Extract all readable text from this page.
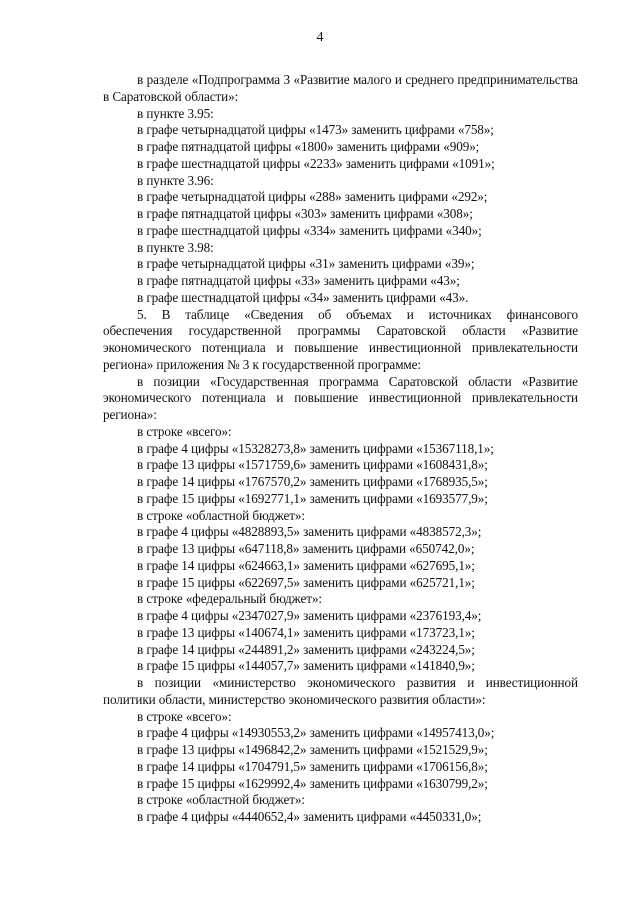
4
в разделе «Подпрограмма 3 «Развитие малого и среднего предпринимательства
в Саратовской области»:
в пункте 3.95:
в графе четырнадцатой цифры «1473» заменить цифрами «758»;
в графе пятнадцатой цифры «1800» заменить цифрами «909»;
в графе шестнадцатой цифры «2233» заменить цифрами «1091»;
в пункте 3.96:
в графе четырнадцатой цифры «288» заменить цифрами «292»;
в графе пятнадцатой цифры «303» заменить цифрами «308»;
в графе шестнадцатой цифры «334» заменить цифрами «340»;
в пункте 3.98:
в графе четырнадцатой цифры «31» заменить цифрами «39»;
в графе пятнадцатой цифры «33» заменить цифрами «43»;
в графе шестнадцатой цифры «34» заменить цифрами «43».
5. В таблице «Сведения об объемах и источниках финансового
обеспечения государственной программы Саратовской области «Развитие
экономического потенциала и повышение инвестиционной привлекательности
региона» приложения № 3 к государственной программе:
в позиции «Государственная программа Саратовской области «Развитие
экономического потенциала и повышение инвестиционной привлекательности
региона»:
в строке «всего»:
в графе 4 цифры «15328273,8» заменить цифрами «15367118,1»;
в графе 13 цифры «1571759,6» заменить цифрами «1608431,8»;
в графе 14 цифры «1767570,2» заменить цифрами «1768935,5»;
в графе 15 цифры «1692771,1» заменить цифрами «1693577,9»;
в строке «областной бюджет»:
в графе 4 цифры «4828893,5» заменить цифрами «4838572,3»;
в графе 13 цифры «647118,8» заменить цифрами «650742,0»;
в графе 14 цифры «624663,1» заменить цифрами «627695,1»;
в графе 15 цифры «622697,5» заменить цифрами «625721,1»;
в строке «федеральный бюджет»:
в графе 4 цифры «2347027,9» заменить цифрами «2376193,4»;
в графе 13 цифры «140674,1» заменить цифрами «173723,1»;
в графе 14 цифры «244891,2» заменить цифрами «243224,5»;
в графе 15 цифры «144057,7» заменить цифрами «141840,9»;
в позиции «министерство экономического развития и инвестиционной
политики области, министерство экономического развития области»:
в строке «всего»:
в графе 4 цифры «14930553,2» заменить цифрами «14957413,0»;
в графе 13 цифры «1496842,2» заменить цифрами «1521529,9»;
в графе 14 цифры «1704791,5» заменить цифрами «1706156,8»;
в графе 15 цифры «1629992,4» заменить цифрами «1630799,2»;
в строке «областной бюджет»:
в графе 4 цифры «4440652,4» заменить цифрами «4450331,0»;
